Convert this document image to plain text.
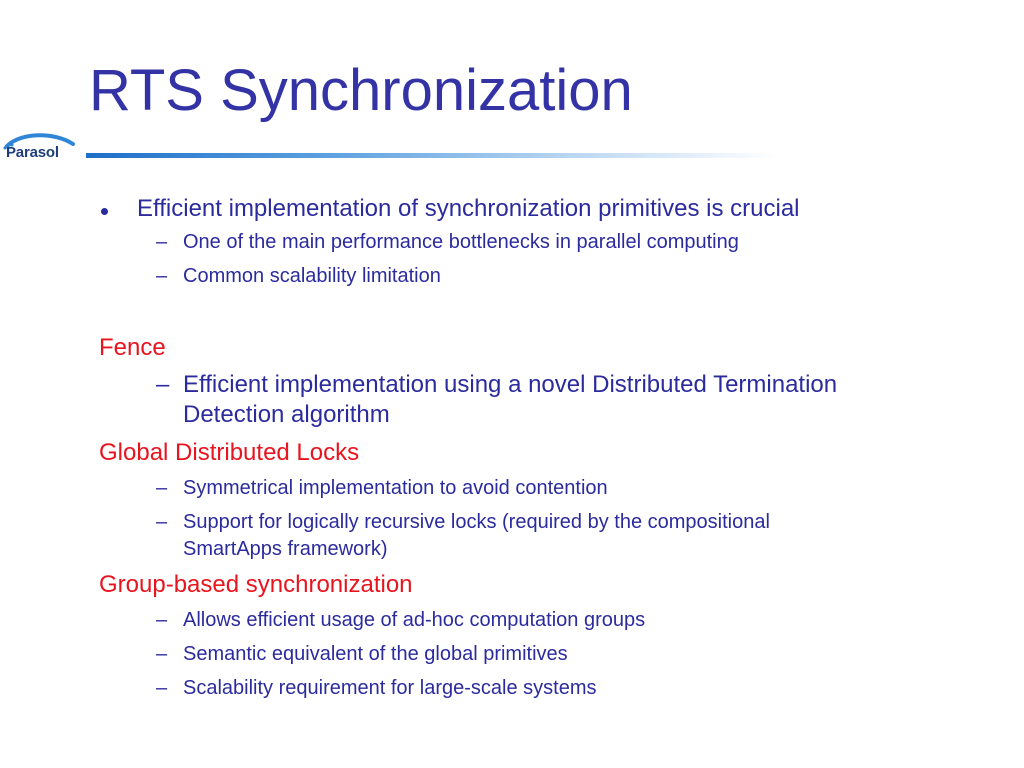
RTS Synchronization
Parasol
Efficient implementation of synchronization primitives is crucial
– One of the main performance bottlenecks in parallel computing
– Common scalability limitation
Fence
– Efficient implementation using a novel Distributed Termination
Detection algorithm
Global Distributed Locks
– Symmetrical implementation to avoid contention
– Support for logically recursive locks (required by the compositional
SmartApps framework)
Group-based synchronization
– Allows efficient usage of ad-hoc computation groups
– Semantic equivalent of the global primitives
– Scalability requirement for large-scale systems
